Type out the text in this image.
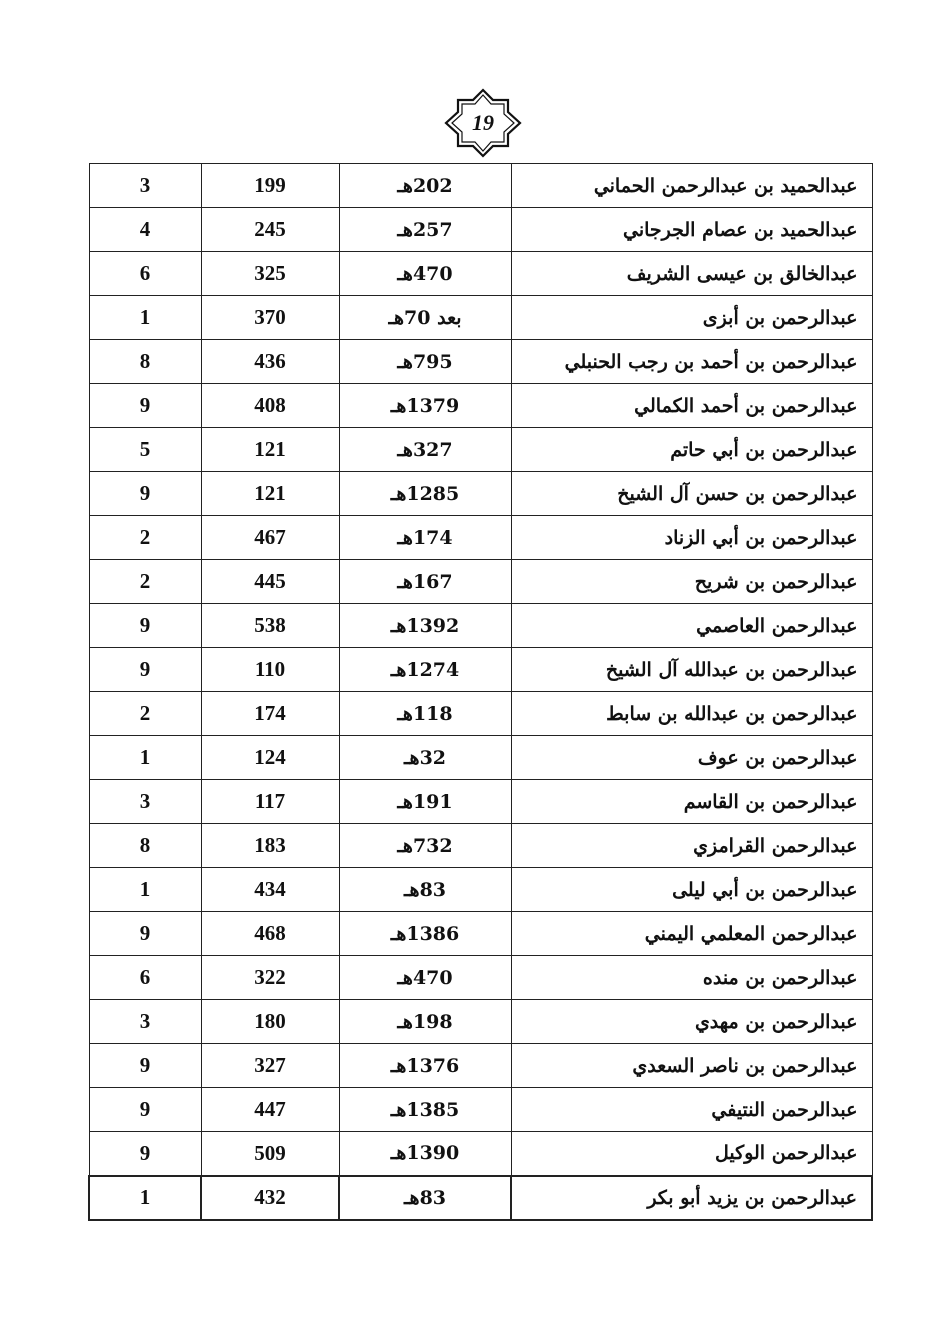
19
3	199	202هـ	عبدالحميد بن عبدالرحمن الحماني
4	245	257هـ	عبدالحميد بن عصام الجرجاني
6	325	470هـ	عبدالخالق بن عيسى الشريف
1	370	بعد 70هـ	عبدالرحمن بن أبزى
8	436	795هـ	عبدالرحمن بن أحمد بن رجب الحنبلي
9	408	1379هـ	عبدالرحمن بن أحمد الكمالي
5	121	327هـ	عبدالرحمن بن أبي حاتم
9	121	1285هـ	عبدالرحمن بن حسن آل الشيخ
2	467	174هـ	عبدالرحمن بن أبي الزناد
2	445	167هـ	عبدالرحمن بن شريح
9	538	1392هـ	عبدالرحمن العاصمي
9	110	1274هـ	عبدالرحمن بن عبدالله آل الشيخ
2	174	118هـ	عبدالرحمن بن عبدالله بن سابط
1	124	32هـ	عبدالرحمن بن عوف
3	117	191هـ	عبدالرحمن بن القاسم
8	183	732هـ	عبدالرحمن القرامزي
1	434	83هـ	عبدالرحمن بن أبي ليلى
9	468	1386هـ	عبدالرحمن المعلمي اليمني
6	322	470هـ	عبدالرحمن بن منده
3	180	198هـ	عبدالرحمن بن مهدي
9	327	1376هـ	عبدالرحمن بن ناصر السعدي
9	447	1385هـ	عبدالرحمن النتيفي
9	509	1390هـ	عبدالرحمن الوكيل
1	432	83هـ	عبدالرحمن بن يزيد أبو بكر
